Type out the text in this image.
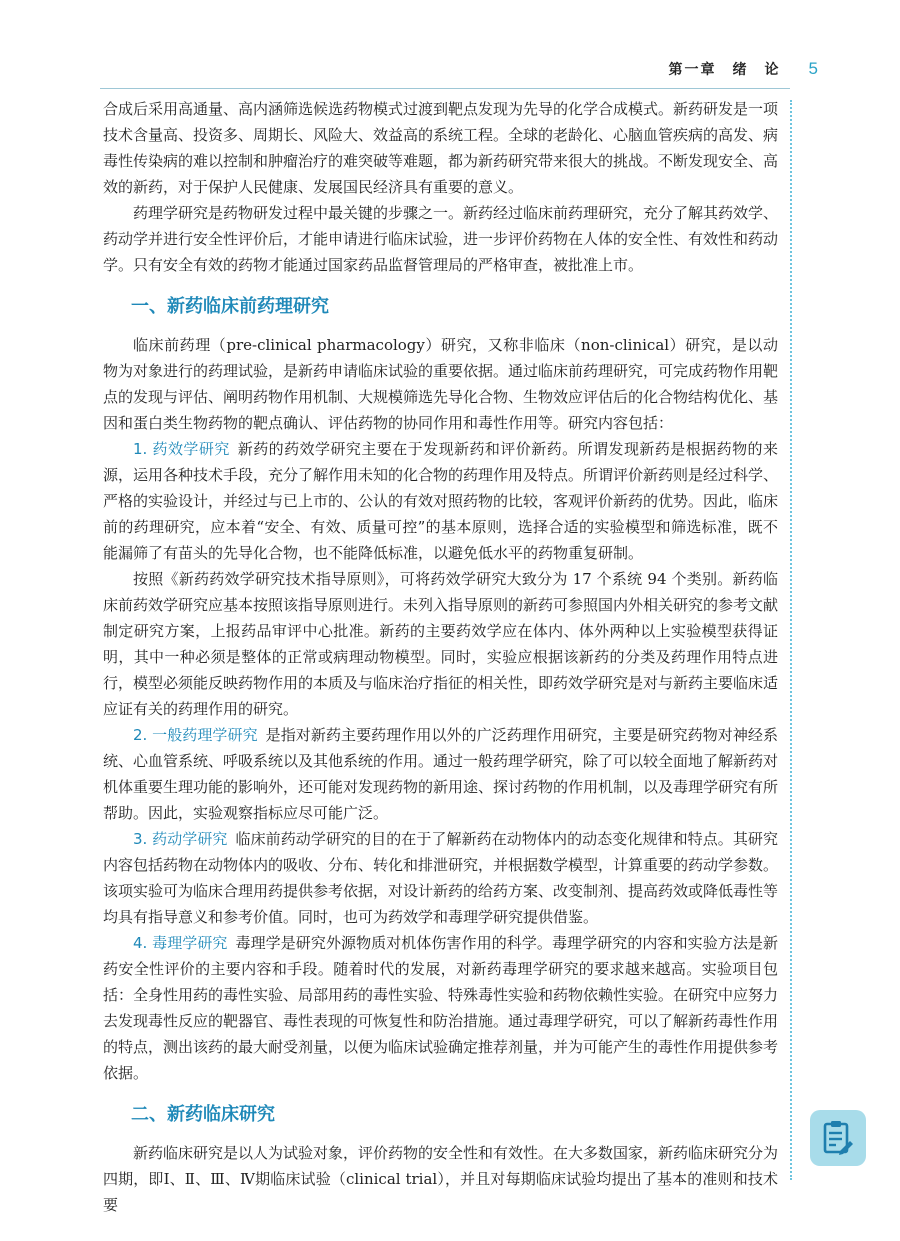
第一章　绪　论 5

合成后采用高通量、高内涵筛选候选药物模式过渡到靶点发现为先导的化学合成模式。新药研发是一项技术含量高、投资多、周期长、风险大、效益高的系统工程。全球的老龄化、心脑血管疾病的高发、病毒性传染病的难以控制和肿瘤治疗的难突破等难题，都为新药研究带来很大的挑战。不断发现安全、高效的新药，对于保护人民健康、发展国民经济具有重要的意义。

药理学研究是药物研发过程中最关键的步骤之一。新药经过临床前药理研究，充分了解其药效学、药动学并进行安全性评价后，才能申请进行临床试验，进一步评价药物在人体的安全性、有效性和药动学。只有安全有效的药物才能通过国家药品监督管理局的严格审查，被批准上市。

一、新药临床前药理研究

临床前药理（pre-clinical pharmacology）研究，又称非临床（non-clinical）研究，是以动物为对象进行的药理试验，是新药申请临床试验的重要依据。通过临床前药理研究，可完成药物作用靶点的发现与评估、阐明药物作用机制、大规模筛选先导化合物、生物效应评估后的化合物结构优化、基因和蛋白类生物药物的靶点确认、评估药物的协同作用和毒性作用等。研究内容包括：

1. 药效学研究 新药的药效学研究主要在于发现新药和评价新药。所谓发现新药是根据药物的来源，运用各种技术手段，充分了解作用未知的化合物的药理作用及特点。所谓评价新药则是经过科学、严格的实验设计，并经过与已上市的、公认的有效对照药物的比较，客观评价新药的优势。因此，临床前的药理研究，应本着“安全、有效、质量可控”的基本原则，选择合适的实验模型和筛选标准，既不能漏筛了有苗头的先导化合物，也不能降低标准，以避免低水平的药物重复研制。

按照《新药药效学研究技术指导原则》，可将药效学研究大致分为 17 个系统 94 个类别。新药临床前药效学研究应基本按照该指导原则进行。未列入指导原则的新药可参照国内外相关研究的参考文献制定研究方案，上报药品审评中心批准。新药的主要药效学应在体内、体外两种以上实验模型获得证明，其中一种必须是整体的正常或病理动物模型。同时，实验应根据该新药的分类及药理作用特点进行，模型必须能反映药物作用的本质及与临床治疗指征的相关性，即药效学研究是对与新药主要临床适应证有关的药理作用的研究。

2. 一般药理学研究 是指对新药主要药理作用以外的广泛药理作用研究，主要是研究药物对神经系统、心血管系统、呼吸系统以及其他系统的作用。通过一般药理学研究，除了可以较全面地了解新药对机体重要生理功能的影响外，还可能对发现药物的新用途、探讨药物的作用机制，以及毒理学研究有所帮助。因此，实验观察指标应尽可能广泛。

3. 药动学研究 临床前药动学研究的目的在于了解新药在动物体内的动态变化规律和特点。其研究内容包括药物在动物体内的吸收、分布、转化和排泄研究，并根据数学模型，计算重要的药动学参数。该项实验可为临床合理用药提供参考依据，对设计新药的给药方案、改变制剂、提高药效或降低毒性等均具有指导意义和参考价值。同时，也可为药效学和毒理学研究提供借鉴。

4. 毒理学研究 毒理学是研究外源物质对机体伤害作用的科学。毒理学研究的内容和实验方法是新药安全性评价的主要内容和手段。随着时代的发展，对新药毒理学研究的要求越来越高。实验项目包括：全身性用药的毒性实验、局部用药的毒性实验、特殊毒性实验和药物依赖性实验。在研究中应努力去发现毒性反应的靶器官、毒性表现的可恢复性和防治措施。通过毒理学研究，可以了解新药毒性作用的特点，测出该药的最大耐受剂量，以便为临床试验确定推荐剂量，并为可能产生的毒性作用提供参考依据。

二、新药临床研究

新药临床研究是以人为试验对象，评价药物的安全性和有效性。在大多数国家，新药临床研究分为四期，即Ⅰ、Ⅱ、Ⅲ、Ⅳ期临床试验（clinical trial），并且对每期临床试验均提出了基本的准则和技术要
